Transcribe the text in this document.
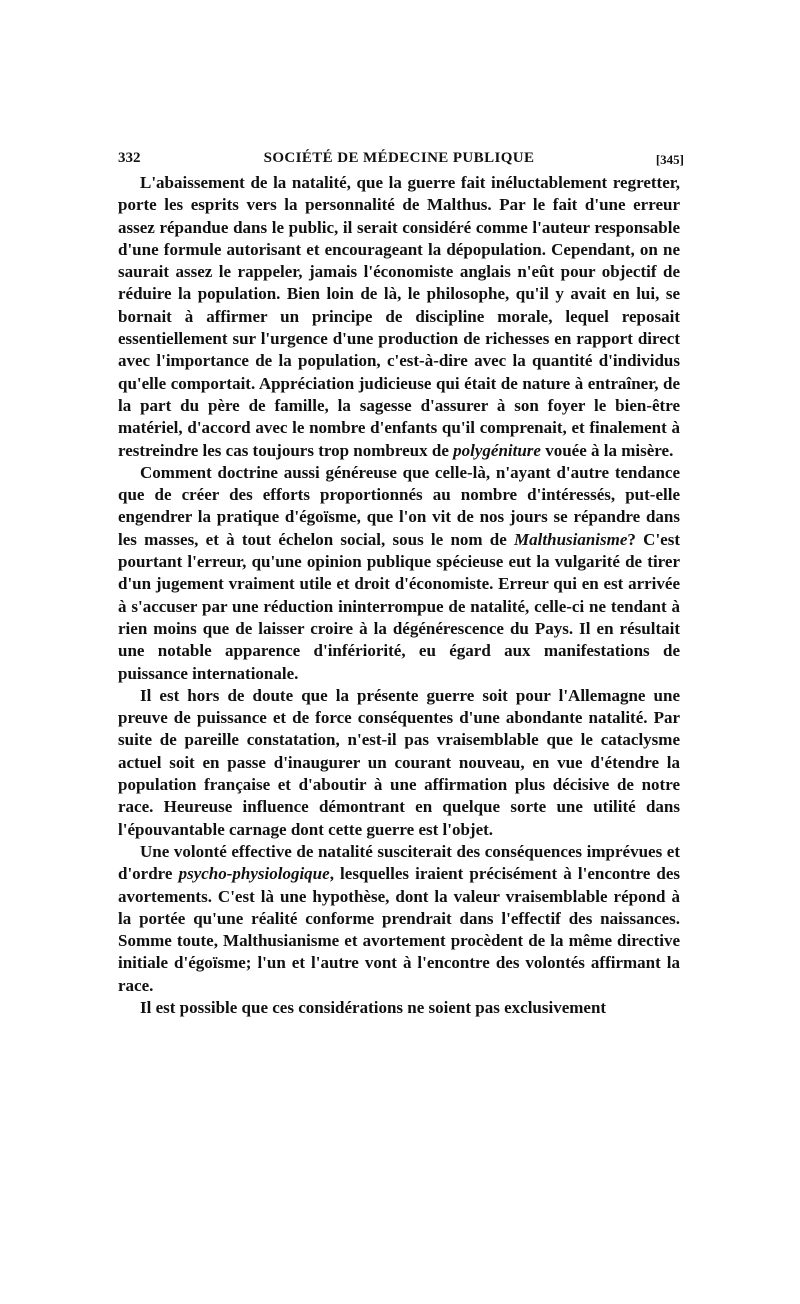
332	SOCIÉTÉ DE MÉDECINE PUBLIQUE	[345]

L'abaissement de la natalité, que la guerre fait inéluctablement regretter, porte les esprits vers la personnalité de Malthus. Par le fait d'une erreur assez répandue dans le public, il serait considéré comme l'auteur responsable d'une formule autorisant et encourageant la dépopulation. Cependant, on ne saurait assez le rappeler, jamais l'économiste anglais n'eût pour objectif de réduire la population. Bien loin de là, le philosophe, qu'il y avait en lui, se bornait à affirmer un principe de discipline morale, lequel reposait essentiellement sur l'urgence d'une production de richesses en rapport direct avec l'importance de la population, c'est-à-dire avec la quantité d'individus qu'elle comportait. Appréciation judicieuse qui était de nature à entraîner, de la part du père de famille, la sagesse d'assurer à son foyer le bien-être matériel, d'accord avec le nombre d'enfants qu'il comprenait, et finalement à restreindre les cas toujours trop nombreux de polygéniture vouée à la misère.

Comment doctrine aussi généreuse que celle-là, n'ayant d'autre tendance que de créer des efforts proportionnés au nombre d'intéressés, put-elle engendrer la pratique d'égoïsme, que l'on vit de nos jours se répandre dans les masses, et à tout échelon social, sous le nom de Malthusianisme? C'est pourtant l'erreur, qu'une opinion publique spécieuse eut la vulgarité de tirer d'un jugement vraiment utile et droit d'économiste. Erreur qui en est arrivée à s'accuser par une réduction ininterrompue de natalité, celle-ci ne tendant à rien moins que de laisser croire à la dégénérescence du Pays. Il en résultait une notable apparence d'infériorité, eu égard aux manifestations de puissance internationale.

Il est hors de doute que la présente guerre soit pour l'Allemagne une preuve de puissance et de force conséquentes d'une abondante natalité. Par suite de pareille constatation, n'est-il pas vraisemblable que le cataclysme actuel soit en passe d'inaugurer un courant nouveau, en vue d'étendre la population française et d'aboutir à une affirmation plus décisive de notre race. Heureuse influence démontrant en quelque sorte une utilité dans l'épouvantable carnage dont cette guerre est l'objet.

Une volonté effective de natalité susciterait des conséquences imprévues et d'ordre psycho-physiologique, lesquelles iraient précisément à l'encontre des avortements. C'est là une hypothèse, dont la valeur vraisemblable répond à la portée qu'une réalité conforme prendrait dans l'effectif des naissances. Somme toute, Malthusianisme et avortement procèdent de la même directive initiale d'égoïsme; l'un et l'autre vont à l'encontre des volontés affirmant la race.

Il est possible que ces considérations ne soient pas exclusivement
